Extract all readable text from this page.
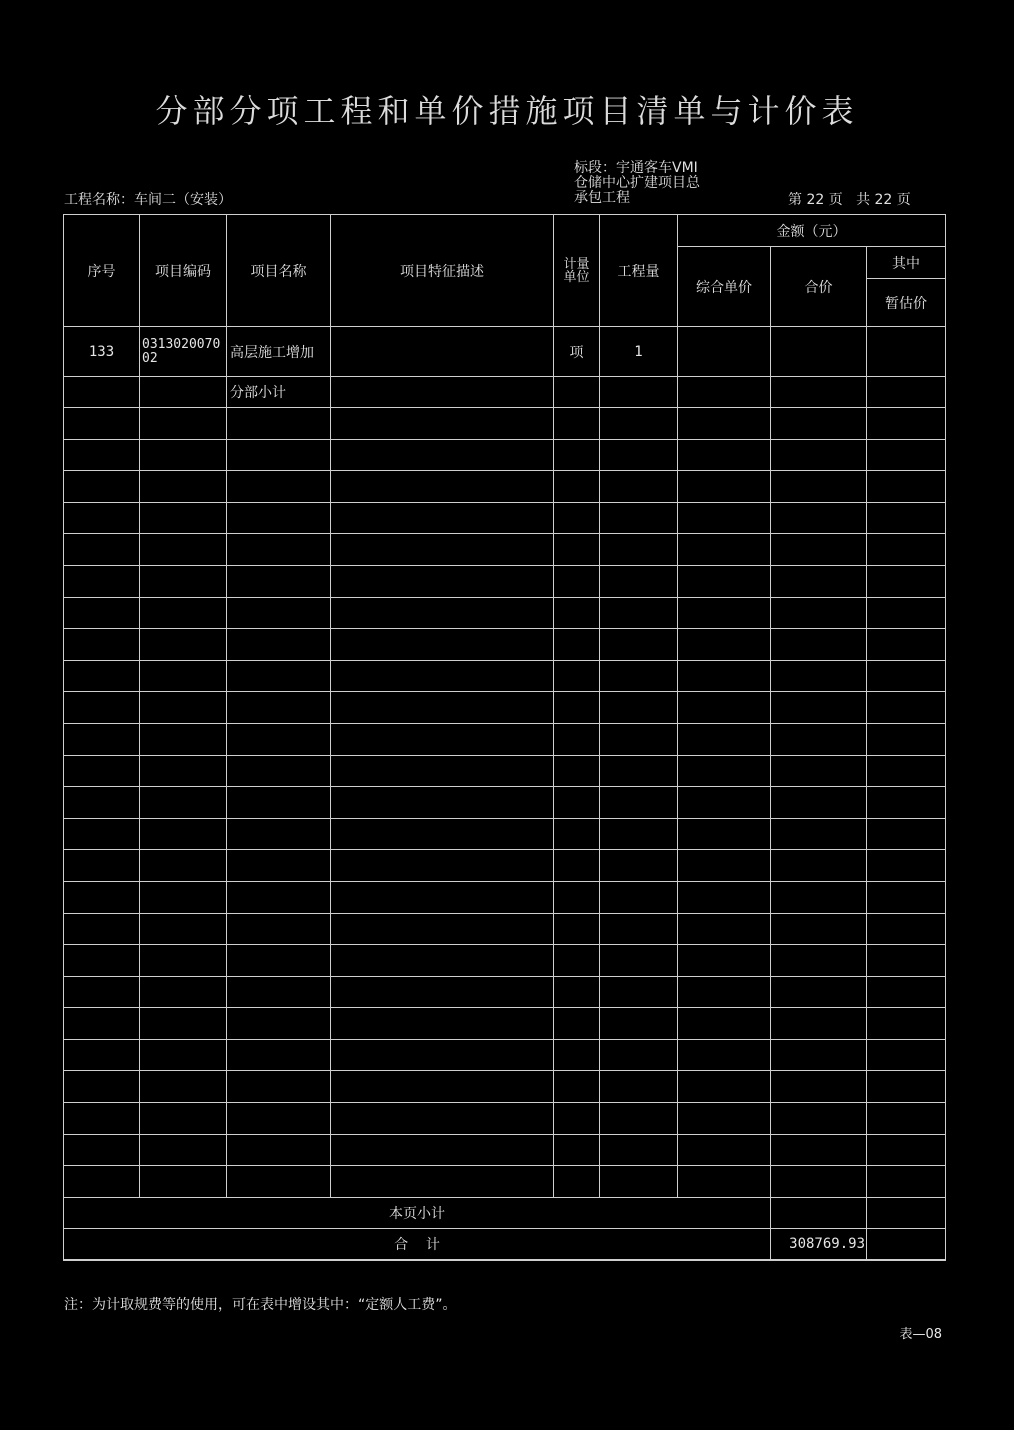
分部分项工程和单价措施项目清单与计价表
标段：宇通客车VMI
仓储中心扩建项目总
承包工程
工程名称：车间二（安装）	第 22 页   共 22 页
序号	项目编码	项目名称	项目特征描述	计量单位	工程量	金额（元）		
						综合单价	合价	其中
								暂估价
133	031302007002	高层施工增加		项	1			
		分部小计						

本页小计								
合    计							308769.93	
注：为计取规费等的使用，可在表中增设其中：“定额人工费”。
表—08
